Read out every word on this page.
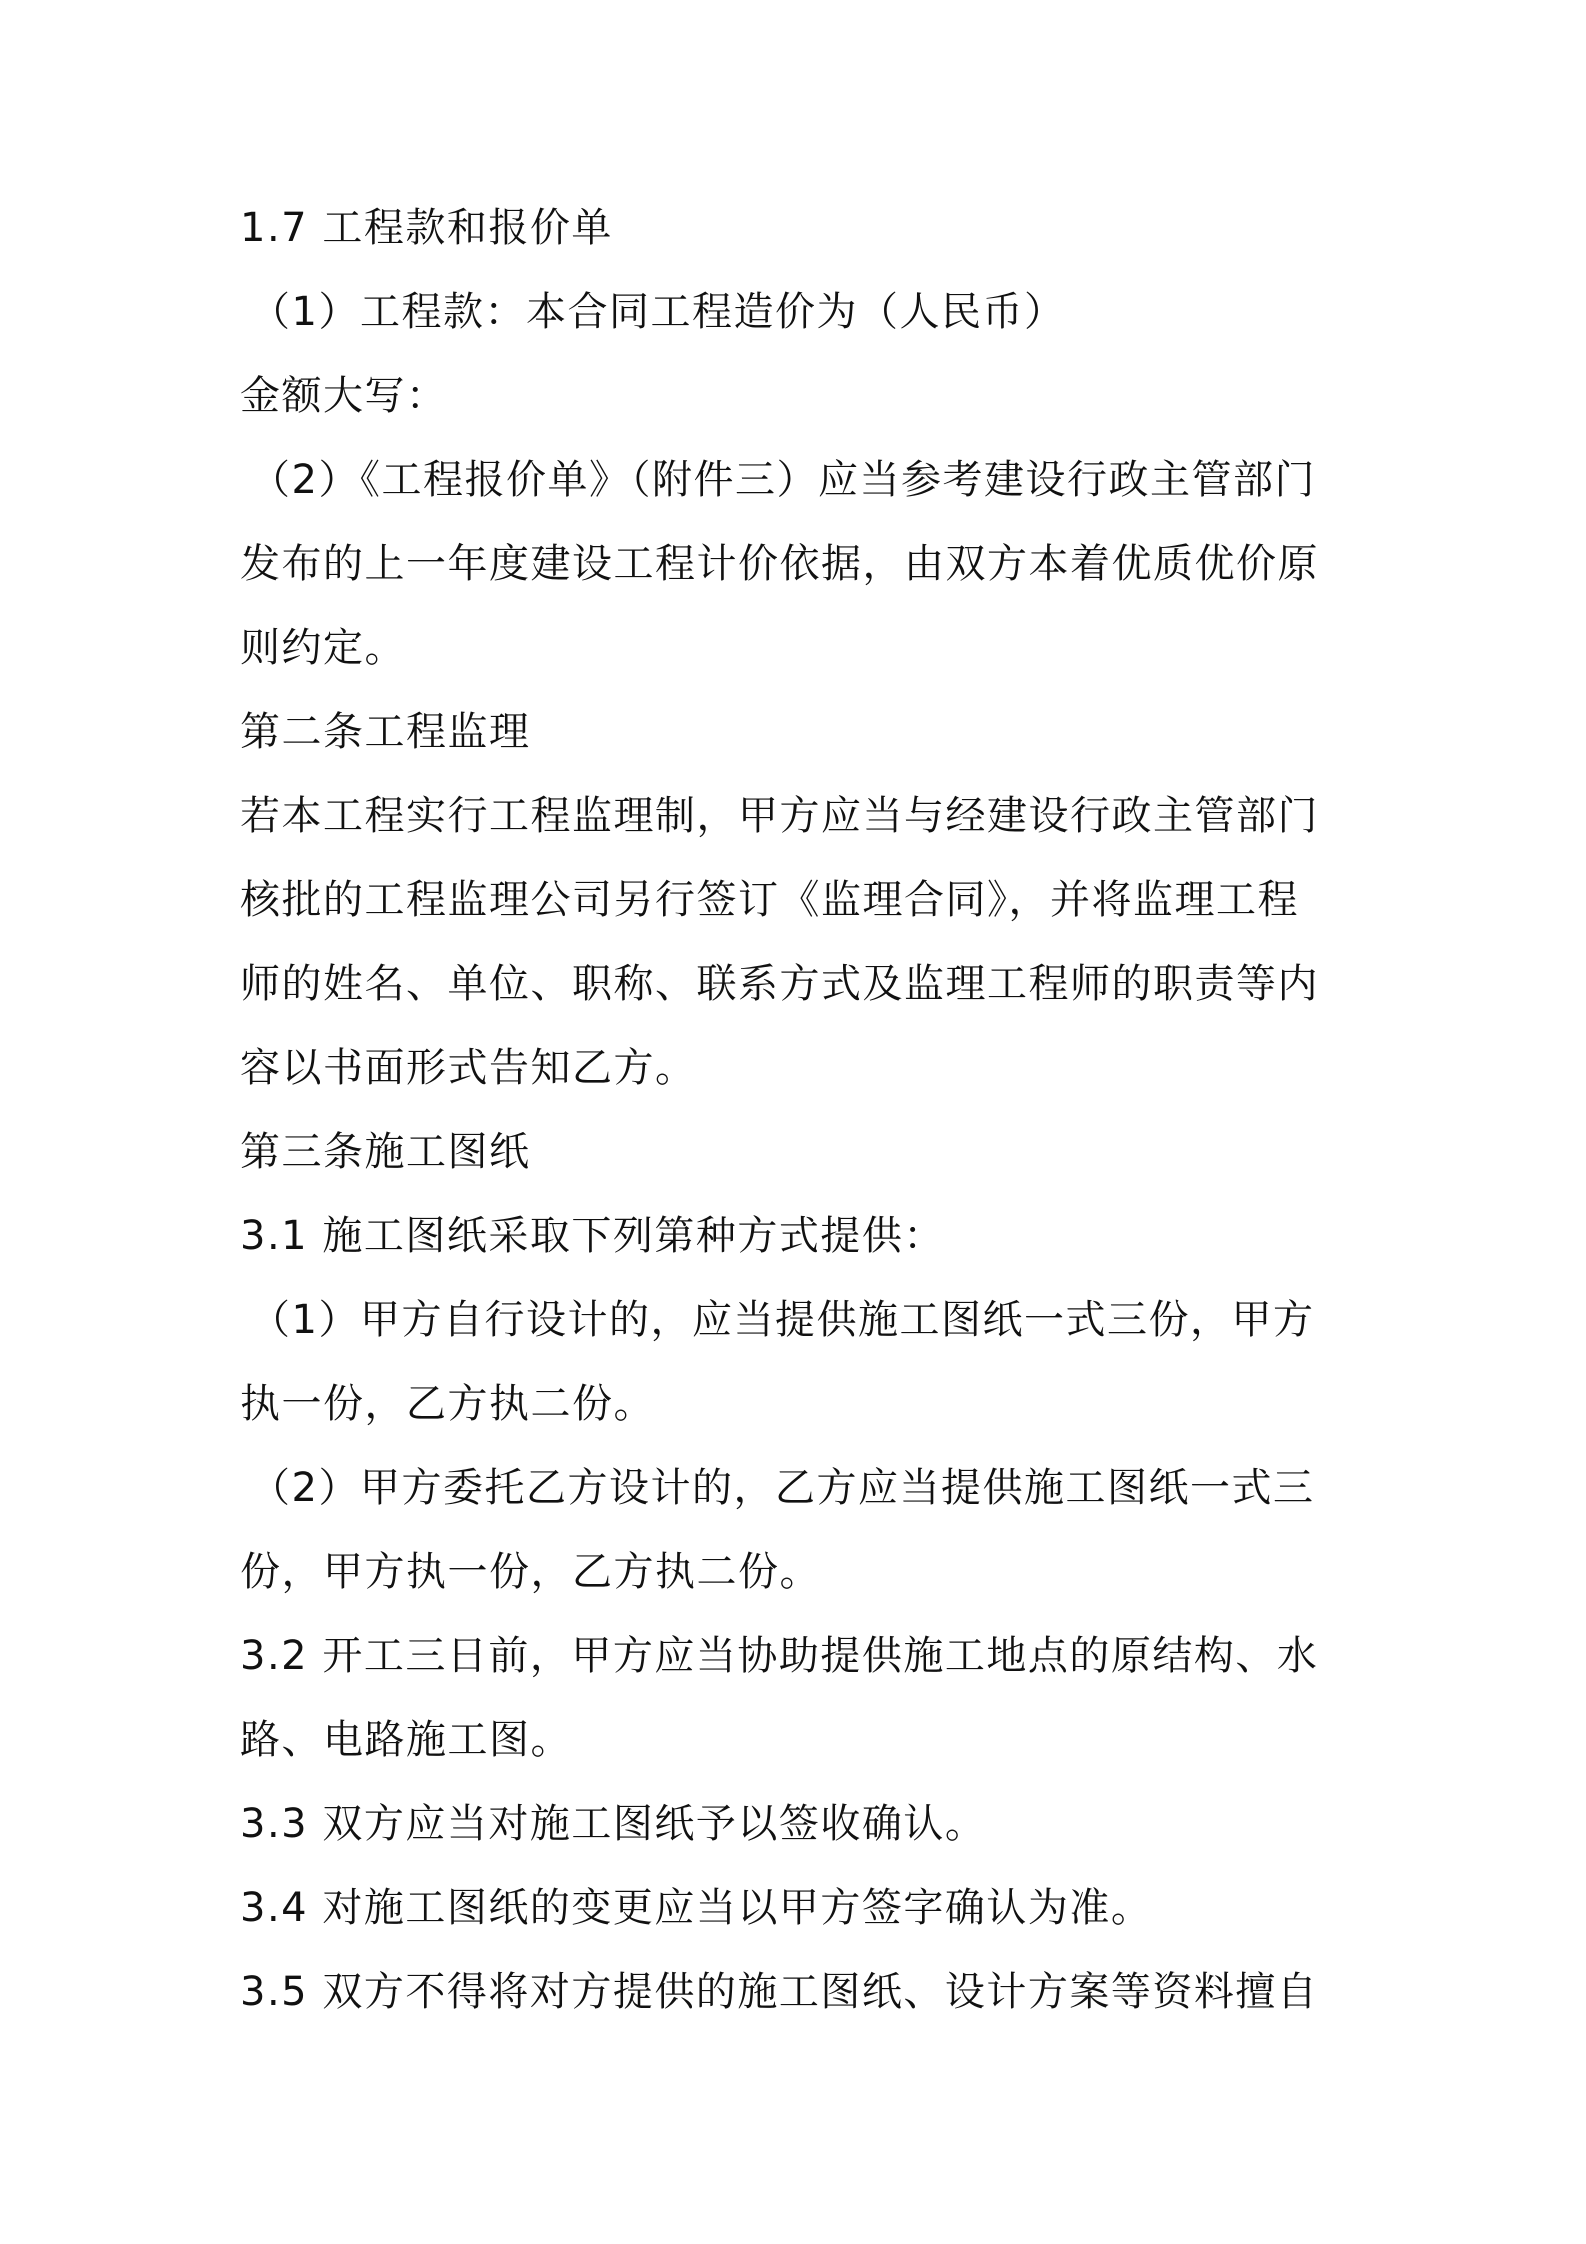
1.7 工程款和报价单
（1）工程款：本合同工程造价为（人民币）
金额大写：
（2）《工程报价单》（附件三）应当参考建设行政主管部门
发布的上一年度建设工程计价依据，由双方本着优质优价原
则约定。
第二条工程监理
若本工程实行工程监理制，甲方应当与经建设行政主管部门
核批的工程监理公司另行签订《监理合同》，并将监理工程
师的姓名、单位、职称、联系方式及监理工程师的职责等内
容以书面形式告知乙方。
第三条施工图纸
3.1 施工图纸采取下列第种方式提供：
（1）甲方自行设计的，应当提供施工图纸一式三份，甲方
执一份，乙方执二份。
（2）甲方委托乙方设计的，乙方应当提供施工图纸一式三
份，甲方执一份，乙方执二份。
3.2 开工三日前，甲方应当协助提供施工地点的原结构、水
路、电路施工图。
3.3 双方应当对施工图纸予以签收确认。
3.4 对施工图纸的变更应当以甲方签字确认为准。
3.5 双方不得将对方提供的施工图纸、设计方案等资料擅自
